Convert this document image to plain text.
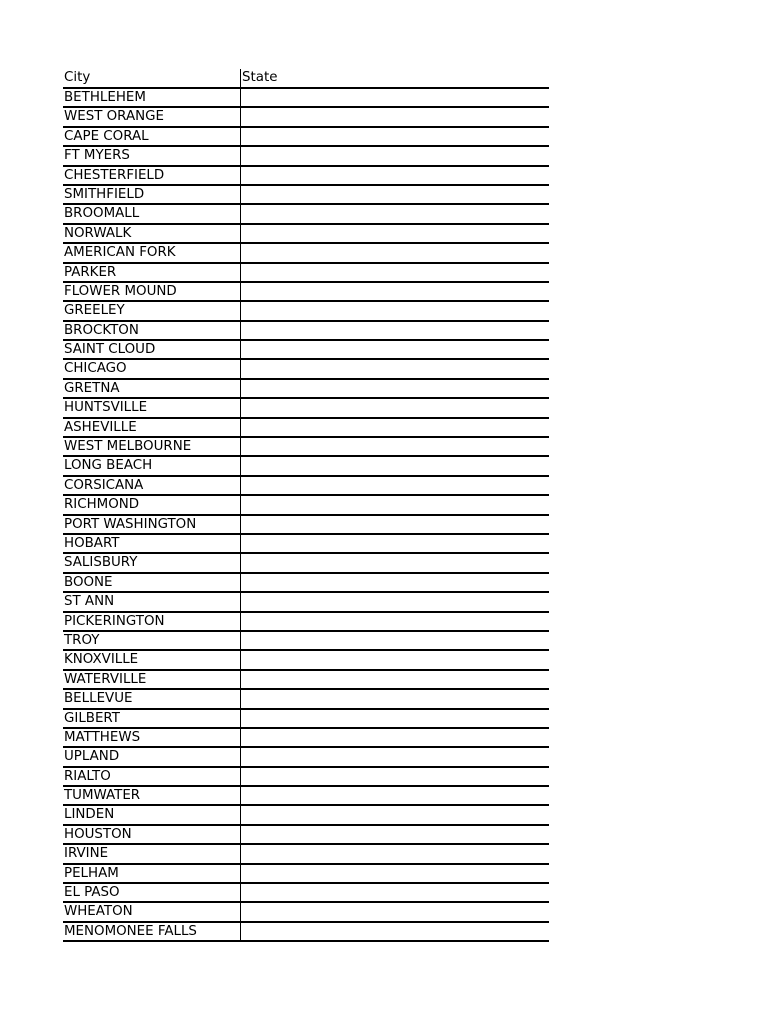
City	State
BETHLEHEM
WEST ORANGE
CAPE CORAL
FT MYERS
CHESTERFIELD
SMITHFIELD
BROOMALL
NORWALK
AMERICAN FORK
PARKER
FLOWER MOUND
GREELEY
BROCKTON
SAINT CLOUD
CHICAGO
GRETNA
HUNTSVILLE
ASHEVILLE
WEST MELBOURNE
LONG BEACH
CORSICANA
RICHMOND
PORT WASHINGTON
HOBART
SALISBURY
BOONE
ST ANN
PICKERINGTON
TROY
KNOXVILLE
WATERVILLE
BELLEVUE
GILBERT
MATTHEWS
UPLAND
RIALTO
TUMWATER
LINDEN
HOUSTON
IRVINE
PELHAM
EL PASO
WHEATON
MENOMONEE FALLS
